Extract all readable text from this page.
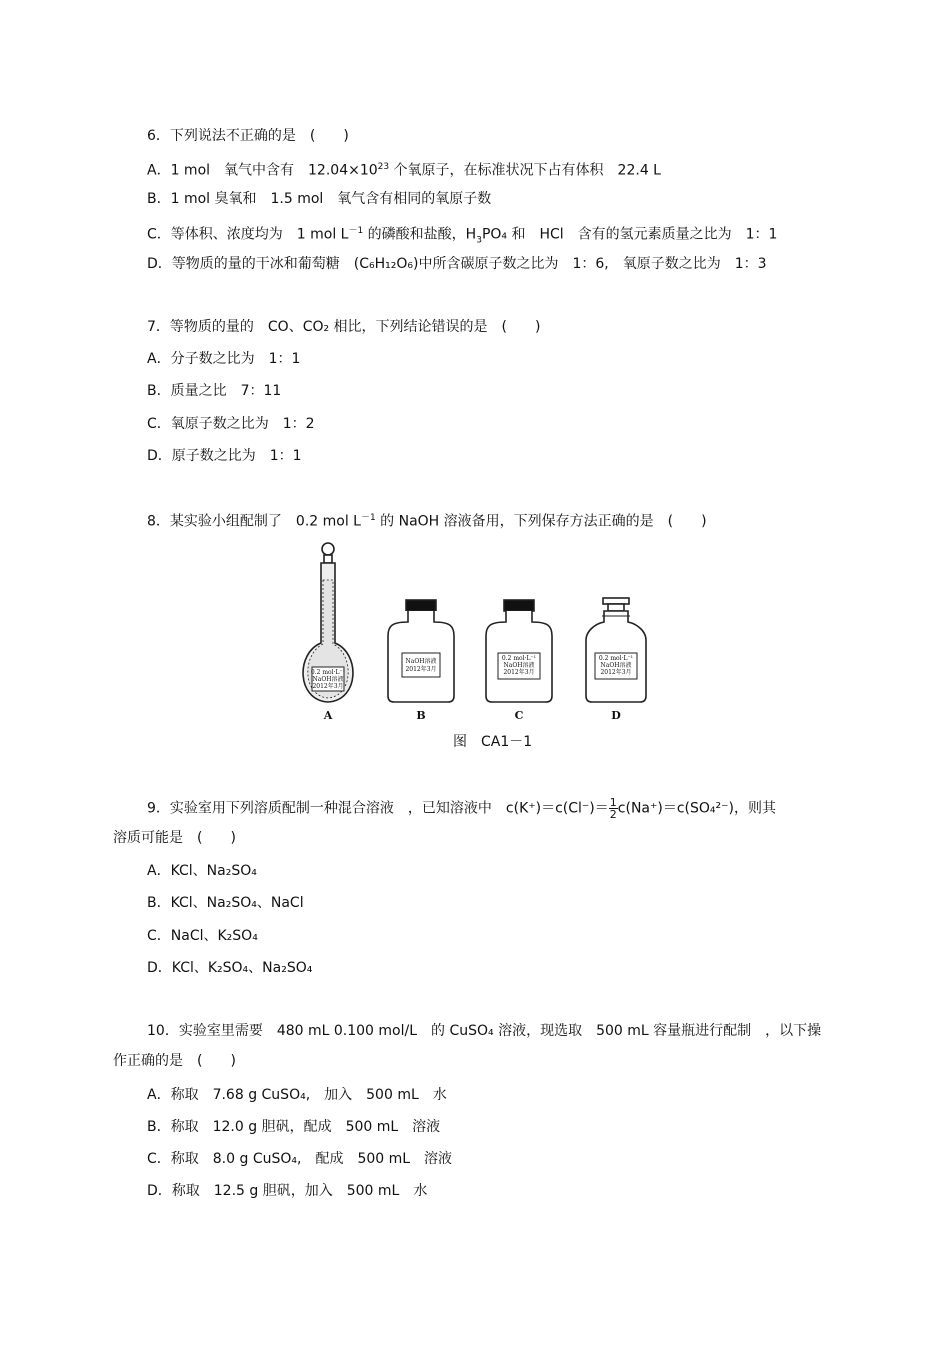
6．下列说法不正确的是　(　　)
A．1 mol　氧气中含有　$12.04\times 10^{23}$ 个氧原子，在标准状况下占有体积　22.4 L
B．1 mol 臭氧和　1.5 mol　氧气含有相同的氧原子数
C．等体积、浓度均为　1 mol $L^{-1}$ 的磷酸和盐酸，$H_3PO_4$ 和　HCl　含有的氢元素质量之比为　1：1
D．等物质的量的干冰和葡萄糖　(C₆H₁₂O₆)中所含碳原子数之比为　1：6,　氧原子数之比为　1：3
7．等物质的量的　CO、CO₂ 相比，下列结论错误的是　(　　)
A．分子数之比为　1：1
B．质量之比　7：11
C．氧原子数之比为　1：2
D．原子数之比为　1：1
8．某实验小组配制了　0.2 mol $L^{-1}$ 的 NaOH 溶液备用，下列保存方法正确的是　(　　)
0.2 mol·L⁻¹
NaOH溶液
2012年3月
NaOH溶液
2012年3月
0.2 mol·L⁻¹
NaOH溶液
2012年3月
0.2 mol·L⁻¹
NaOH溶液
2012年3月
A	B	C	D
图　CA1－1
9．实验室用下列溶质配制一种混合溶液　，已知溶液中　$c(K^+)=c(Cl^-)= \frac{1}{2} c(Na^+)=c(SO_4^{2-})$，则其
溶质可能是　(　　)
A．KCl、Na₂SO₄
B．KCl、Na₂SO₄、NaCl
C．NaCl、K₂SO₄
D．KCl、K₂SO₄、Na₂SO₄
10．实验室里需要　480 mL 0.100 mol/L　的 CuSO₄ 溶液，现选取　500 mL 容量瓶进行配制　，以下操
作正确的是　(　　)
A．称取　7.68 g CuSO₄,　加入　500 mL　水
B．称取　12.0 g 胆矾，配成　500 mL　溶液
C．称取　8.0 g CuSO₄,　配成　500 mL　溶液
D．称取　12.5 g 胆矾，加入　500 mL　水
